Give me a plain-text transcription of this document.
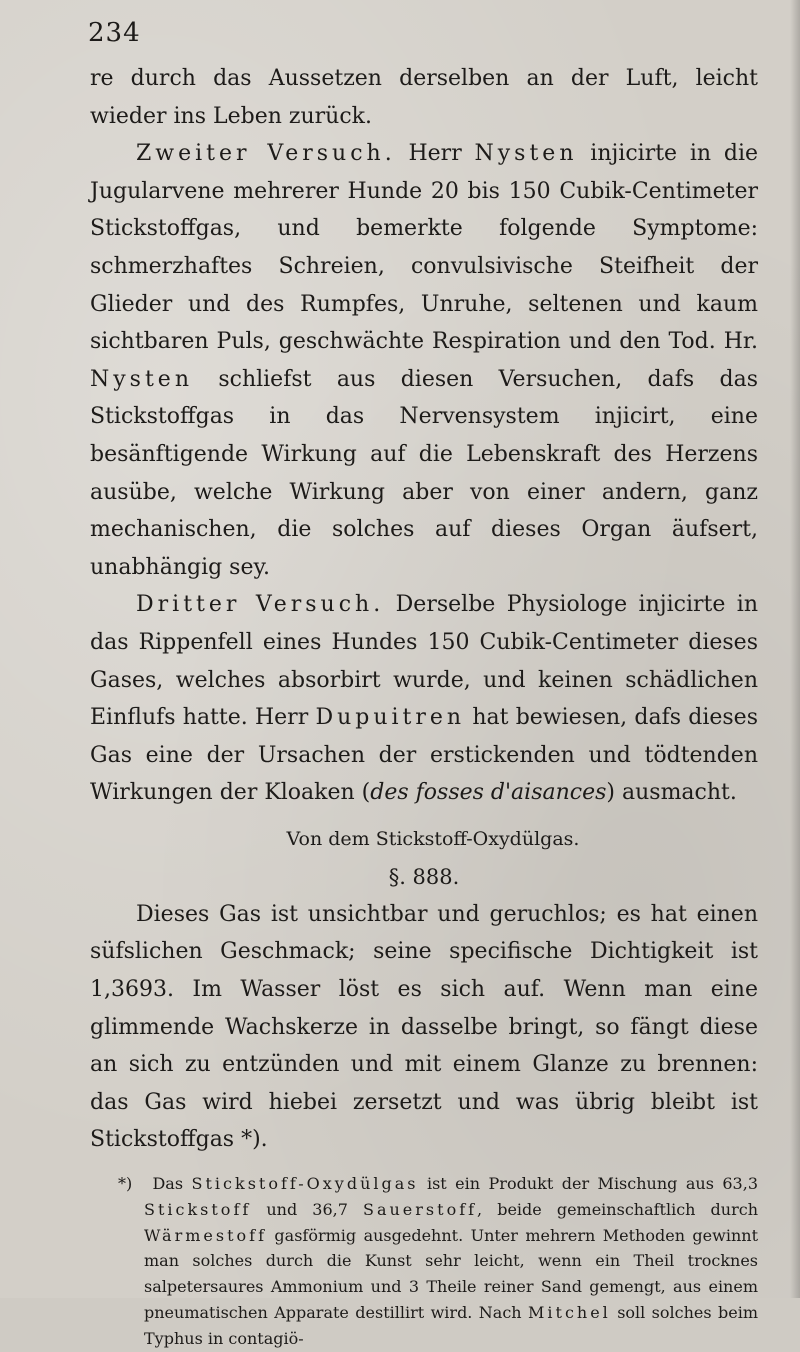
234

re durch das Aussetzen derselben an der Luft, leicht wieder ins Leben zurück.

Zweiter Versuch. Herr Nysten injicirte in die Jugularvene mehrerer Hunde 20 bis 150 Cubik-Centimeter Stickstoffgas, und bemerkte folgende Symptome: schmerzhaftes Schreien, convulsivische Steifheit der Glieder und des Rumpfes, Unruhe, seltenen und kaum sichtbaren Puls, geschwächte Respiration und den Tod. Hr. Nysten schliefst aus diesen Versuchen, dafs das Stickstoffgas in das Nervensystem injicirt, eine besänftigende Wirkung auf die Lebenskraft des Herzens ausübe, welche Wirkung aber von einer andern, ganz mechanischen, die solches auf dieses Organ äufsert, unabhängig sey.

Dritter Versuch. Derselbe Physiologe injicirte in das Rippenfell eines Hundes 150 Cubik-Centimeter dieses Gases, welches absorbirt wurde, und keinen schädlichen Einflufs hatte. Herr Dupuitren hat bewiesen, dafs dieses Gas eine der Ursachen der erstickenden und tödtenden Wirkungen der Kloaken (des fosses d'aisances) ausmacht.

Von dem Stickstoff-Oxydülgas.
§. 888.

Dieses Gas ist unsichtbar und geruchlos; es hat einen süfslichen Geschmack; seine specifische Dichtigkeit ist 1,3693. Im Wasser löst es sich auf. Wenn man eine glimmende Wachskerze in dasselbe bringt, so fängt diese an sich zu entzünden und mit einem Glanze zu brennen: das Gas wird hiebei zersetzt und was übrig bleibt ist Stickstoffgas *).

*) Das Stickstoff-Oxydülgas ist ein Produkt der Mischung aus 63,3 Stickstoff und 36,7 Sauerstoff, beide gemeinschaftlich durch Wärmestoff gasförmig ausgedehnt. Unter mehrern Methoden gewinnt man solches durch die Kunst sehr leicht, wenn ein Theil trocknes salpetersaures Ammonium und 3 Theile reiner Sand gemengt, aus einem pneumatischen Apparate destillirt wird. Nach Mitchel soll solches beim Typhus in contagiö-
